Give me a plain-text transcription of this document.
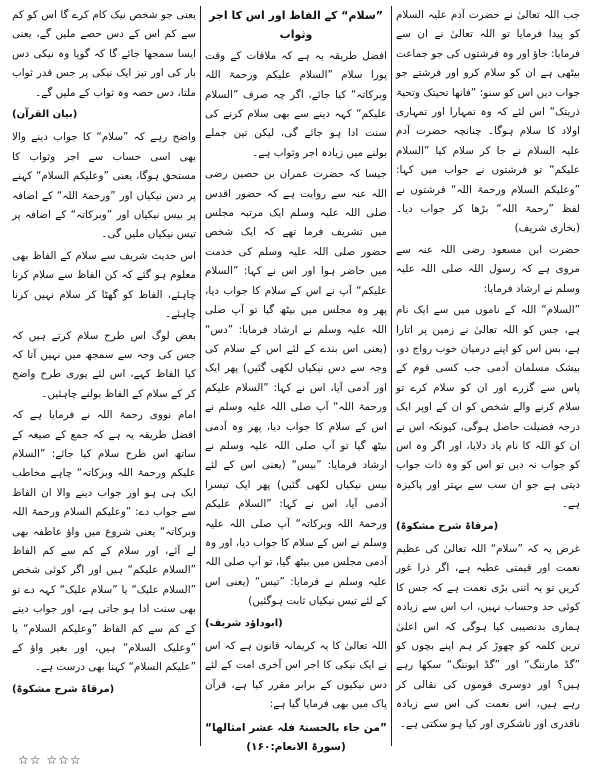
جب اللہ تعالیٰ نے حضرت آدم علیہ السلام کو پیدا فرمایا تو اللہ تعالیٰ نے ان سے فرمایا: جاؤ اور وہ فرشتوں کی جو جماعت بیٹھی ہے ان کو سلام کرو اور فرشتے جو جواب دیں اس کو سنو: ”فانھا تحیتک وتحیۃ ذریتک“ اس لئے کہ وہ تمہارا اور تمہاری اولاد کا سلام ہوگا۔ چنانچہ حضرت آدم علیہ السلام نے جا کر سلام کیا ”السلام علیکم“ تو فرشتوں نے جواب میں کہا: ”وعلیکم السلام ورحمۃ اللہ“ فرشتوں نے لفظ ”رحمۃ اللہ“ بڑھا کر جواب دیا۔ (بخاری شریف)

حضرت ابن مسعود رضی اللہ عنہ سے مروی ہے کہ رسول اللہ صلی اللہ علیہ وسلم نے ارشاد فرمایا:

”السلام“ اللہ کے ناموں میں سے ایک نام ہے، جس کو اللہ تعالیٰ نے زمین پر اتارا ہے، بس اس کو اپنے درمیان خوب رواج دو، بیشک مسلمان آدمی جب کسی قوم کے پاس سے گزرے اور ان کو سلام کرے تو سلام کرنے والے شخص کو ان کے اوپر ایک درجہ فضیلت حاصل ہوگی، کیونکہ اس نے ان کو اللہ کا نام یاد دلایا، اور اگر وہ اس کو جواب نہ دیں تو اس کو وہ ذات جواب دیتی ہے جو ان سب سے بہتر اور پاکیزہ ہے۔

(مرقاۃ شرح مشکوۃ)

غرض یہ کہ ”سلام“ اللہ تعالیٰ کی عظیم نعمت اور قیمتی عطیہ ہے، اگر ذرا غور کریں تو یہ اتنی بڑی نعمت ہے کہ جس کا کوئی حد وحساب نہیں، اب اس سے زیادہ ہماری بدنصیبی کیا ہوگی کہ اس اعلیٰ ترین کلمہ کو چھوڑ کر ہم اپنے بچوں کو ”گڈ مارننگ“ اور ”گڈ ایوننگ“ سکھا رہے ہیں؟ اور دوسری قوموں کی نقالی کر رہے ہیں، اس نعمت کی اس سے زیادہ ناقدری اور ناشکری اور کیا ہو سکتی ہے۔

”سلام“ کے الفاظ اور اس کا اجر وثواب

افضل طریقہ یہ ہے کہ ملاقات کے وقت پورا سلام ”السلام علیکم ورحمۃ اللہ وبرکاتہ“ کیا جائے، اگر چہ صرف ”السلام علیکم“ کہہ دینے سے بھی سلام کرنے کی سنت ادا ہو جائے گی، لیکن تین جملے بولنے میں زیادہ اجر وثواب ہے۔

جیسا کہ حضرت عمران بن حصین رضی اللہ عنہ سے روایت ہے کہ حضور اقدس صلی اللہ علیہ وسلم ایک مرتبہ مجلس میں تشریف فرما تھے کہ ایک شخص حضور صلی اللہ علیہ وسلم کی خدمت میں حاضر ہوا اور اس نے کہا: ”السلام علیکم“ آپ نے اس کے سلام کا جواب دیا، پھر وہ مجلس میں بیٹھ گیا تو آپ صلی اللہ علیہ وسلم نے ارشاد فرمایا: ”دس“ (یعنی اس بندے کے لئے اس کے سلام کی وجہ سے دس نیکیاں لکھی گئیں) پھر ایک اور آدمی آیا، اس نے کہا: ”السلام علیکم ورحمۃ اللہ“ آپ صلی اللہ علیہ وسلم نے اس کے سلام کا جواب دیا، پھر وہ آدمی بیٹھ گیا تو آپ صلی اللہ علیہ وسلم نے ارشاد فرمایا: ”بیس“ (یعنی اس کے لئے بیس نیکیاں لکھی گئیں) پھر ایک تیسرا آدمی آیا، اس نے کہا: ”السلام علیکم ورحمۃ اللہ وبرکاتہ“ آپ صلی اللہ علیہ وسلم نے اس کے سلام کا جواب دیا، اور وہ آدمی مجلس میں بیٹھ گیا، تو آپ صلی اللہ علیہ وسلم نے فرمایا: ”تیس“ (یعنی اس کے لئے تیس نیکیاں ثابت ہوگئیں)

(ابوداؤد شریف)

اللہ تعالیٰ کا یہ کریمانہ قانون ہے کہ اس نے ایک نیکی کا اجر اس آخری امت کے لئے دس نیکیوں کے برابر مقرر کیا ہے، قرآن پاک میں بھی فرمایا گیا ہے:

”من جاء بالحسنۃ فلہ عشر امثالھا“ (سورۃ الانعام:۱۶۰)

یعنی جو شخص نیک کام کرے گا اس کو کم سے کم اس کے دس حصے ملیں گے، یعنی ایسا سمجھا جائے گا کہ گویا وہ نیکی دس بار کی اور تیز ایک نیکی پر جس قدر ثواب ملتا، دس حصہ وہ ثواب کے ملیں گے۔

(بیان القرآن)

واضح رہے کہ ”سلام“ کا جواب دینے والا بھی اسی حساب سے اجر وثواب کا مستحق ہوگا، یعنی ”وعلیکم السلام“ کہنے پر دس نیکیاں اور ”ورحمۃ اللہ“ کے اضافہ پر بیس نیکیاں اور ”وبرکاتہ“ کے اضافہ پر تیس نیکیاں ملیں گی۔

اس حدیث شریف سے سلام کے الفاظ بھی معلوم ہو گئے کہ کن الفاظ سے سلام کرنا چاہئے، الفاظ کو گھٹا کر سلام نہیں کرنا چاہئے۔

بعض لوگ اس طرح سلام کرتے ہیں کہ جس کی وجہ سے سمجھ میں نہیں آتا کہ کیا الفاظ کہے، اس لئے پوری طرح واضح کر کے سلام کے الفاظ بولنے چاہئیں۔

امام نووی رحمۃ اللہ نے فرمایا ہے کہ افضل طریقہ یہ ہے کہ جمع کے صیغہ کے ساتھ اس طرح سلام کیا جائے: ”السلام علیکم ورحمۃ اللہ وبرکاتہ“ چاہے مخاطب ایک ہی ہو اور جواب دینے والا ان الفاظ سے جواب دے: ”وعلیکم السلام ورحمۃ اللہ وبرکاتہ“ یعنی شروع میں واؤ عاطفہ بھی لے آئے، اور سلام کے کم سے کم الفاظ ”السلام علیکم“ ہیں اور اگر کوئی شخص ”السلام علیک“ یا ”سلام علیک“ کہہ دے تو بھی سنت ادا ہو جاتی ہے، اور جواب دینے کے کم سے کم الفاظ ”وعلیکم السلام“ یا ”وعلیک السلام“ ہیں، اور بغیر واؤ کے ”علیکم السلام“ کہنا بھی درست ہے۔

(مرقاۃ شرح مشکوۃ)
☆☆ ☆☆☆
